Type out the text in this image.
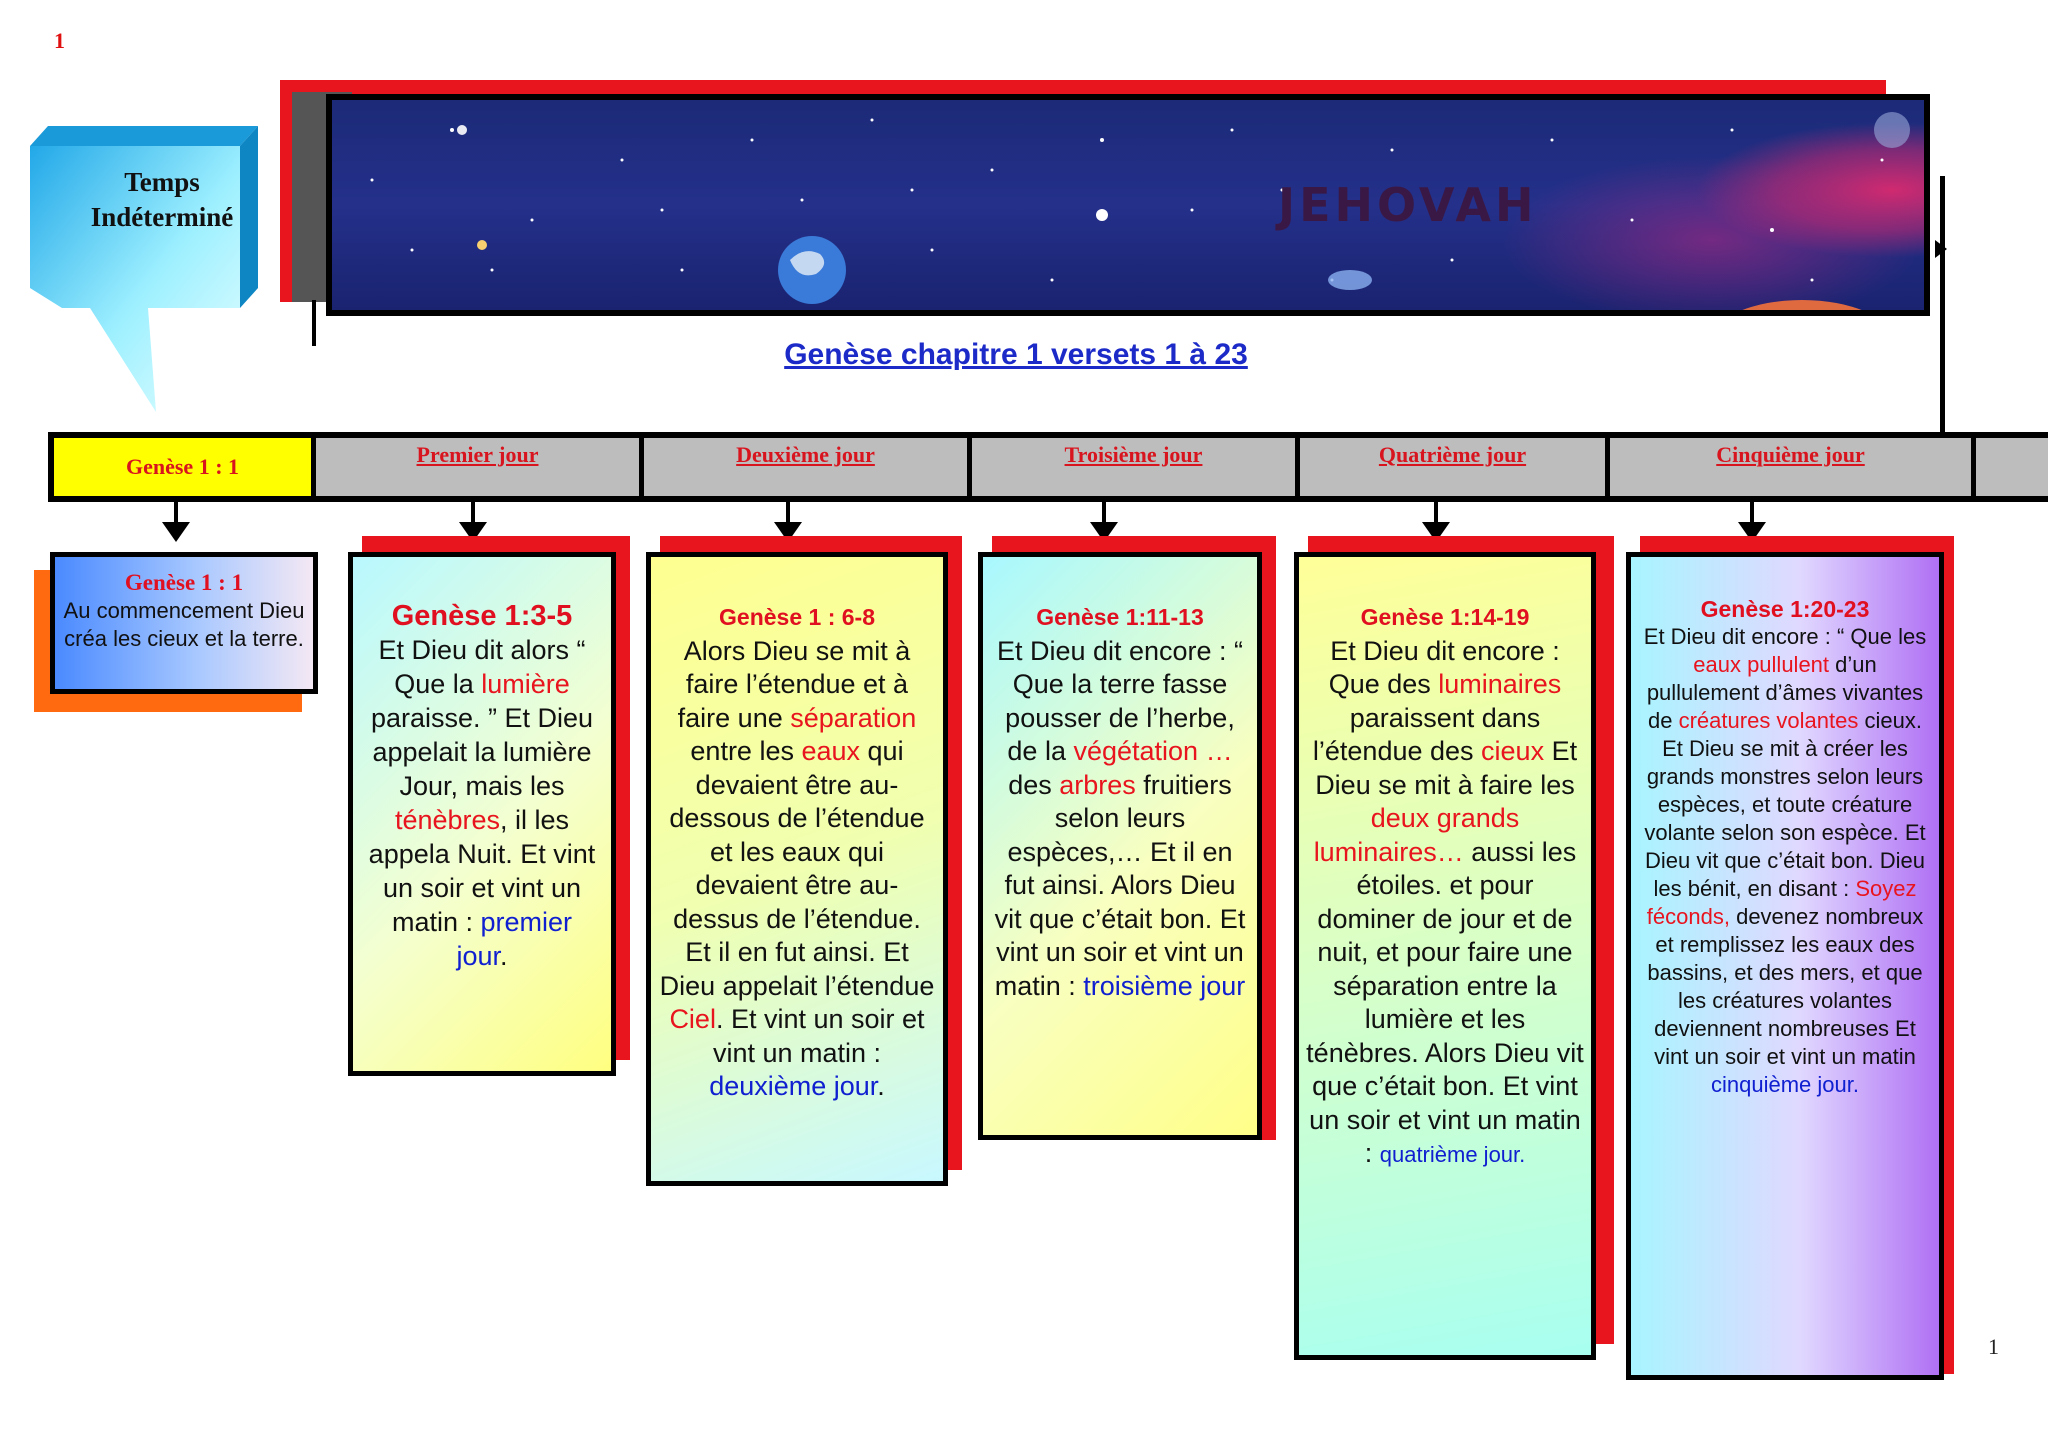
1
1
Temps
Indéterminé	JEHOVAH
Genèse chapitre 1 versets 1 à 23
Genèse 1 : 1	Premier jour	Deuxième jour	Troisième jour	Quatrième jour	Cinquième jour
Genèse 1 : 1
Au commencement Dieu créa les cieux et la terre.
Genèse 1:3-5
Et Dieu dit alors “ Que la lumière paraisse. ” Et Dieu appelait la lumière Jour, mais les ténèbres, il les appela Nuit. Et vint un soir et vint un matin : premier jour.
Genèse 1 : 6-8
Alors Dieu se mit à faire l’étendue et à faire une séparation entre les eaux qui devaient être au-dessous de l’étendue et les eaux qui devaient être au-dessus de l’étendue. Et il en fut ainsi. Et Dieu appelait l’étendue Ciel. Et vint un soir et vint un matin : deuxième jour.
Genèse 1:11-13
Et Dieu dit encore : “ Que la terre fasse pousser de l’herbe, de la végétation … des arbres fruitiers selon leurs espèces,… Et il en fut ainsi. Alors Dieu vit que c’était bon. Et vint un soir et vint un matin : troisième jour
Genèse 1:14-19
Et Dieu dit encore : Que des luminaires paraissent dans l’étendue des cieux Et Dieu se mit à faire les deux grands luminaires… aussi les étoiles. et pour dominer de jour et de nuit, et pour faire une séparation entre la lumière et les ténèbres. Alors Dieu vit que c’était bon. Et vint un soir et vint un matin : quatrième jour.
Genèse 1:20-23
Et Dieu dit encore : “ Que les eaux pullulent d’un pullulement d’âmes vivantes de créatures volantes cieux. Et Dieu se mit à créer les grands monstres selon leurs espèces, et toute créature volante selon son espèce. Et Dieu vit que c’était bon. Dieu les bénit, en disant : Soyez féconds, devenez nombreux et remplissez les eaux des bassins, et des mers, et que les créatures volantes deviennent nombreuses Et vint un soir et vint un matin cinquième jour.
